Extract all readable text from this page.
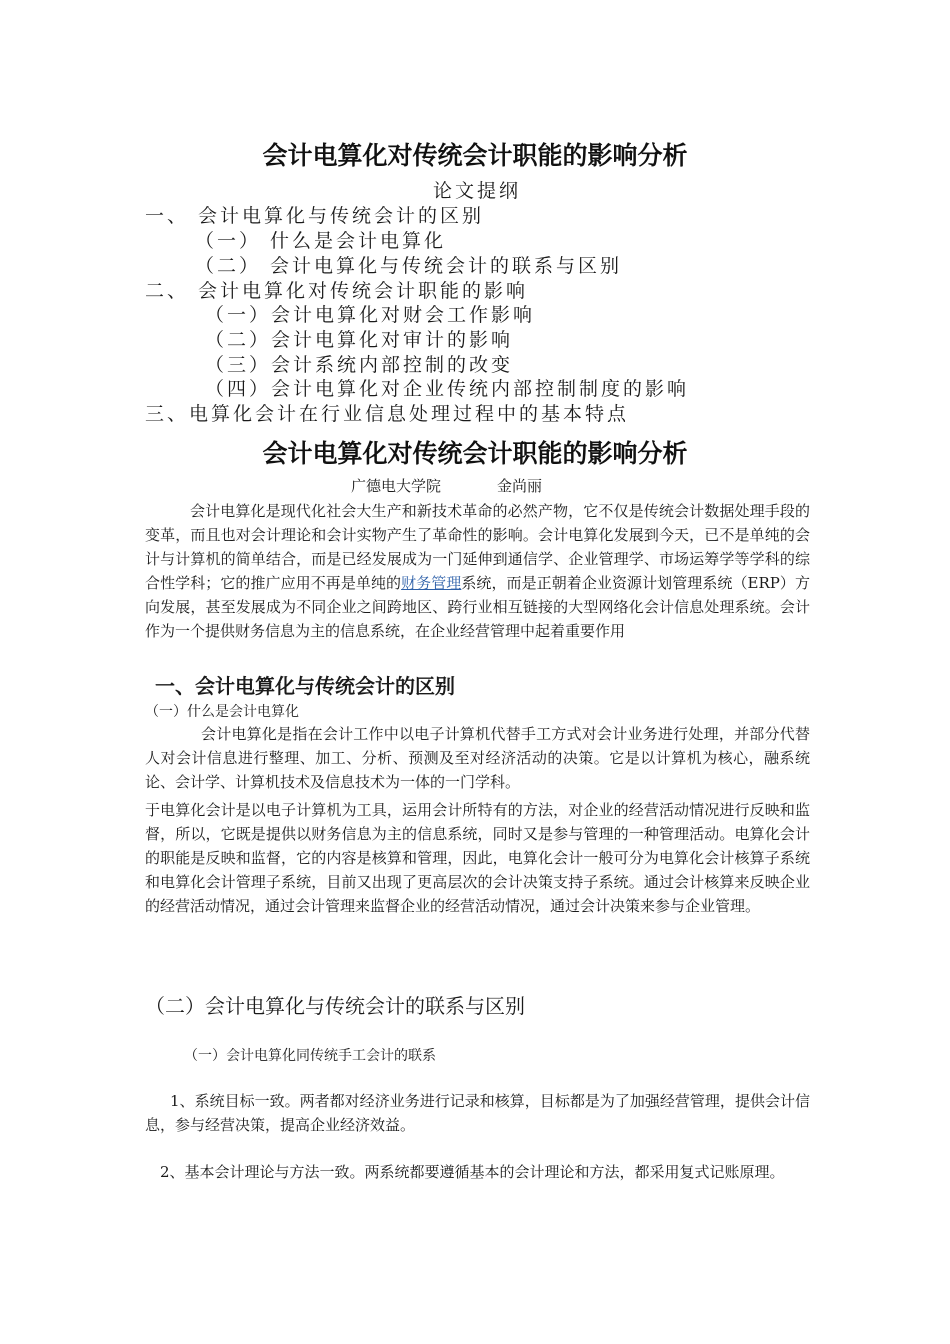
会计电算化对传统会计职能的影响分析
论文提纲
一、 会计电算化与传统会计的区别
（一） 什么是会计电算化
（二） 会计电算化与传统会计的联系与区别
二、 会计电算化对传统会计职能的影响
（一）会计电算化对财会工作影响
（二）会计电算化对审计的影响
（三）会计系统内部控制的改变
（四）会计电算化对企业传统内部控制制度的影响
三、电算化会计在行业信息处理过程中的基本特点
会计电算化对传统会计职能的影响分析
广德电大学院	金尚丽
会计电算化是现代化社会大生产和新技术革命的必然产物，它不仅是传统会计数据处理手段的变革，而且也对会计理论和会计实物产生了革命性的影响。会计电算化发展到今天，已不是单纯的会计与计算机的简单结合，而是已经发展成为一门延伸到通信学、企业管理学、市场运筹学等学科的综合性学科；它的推广应用不再是单纯的财务管理系统，而是正朝着企业资源计划管理系统（ERP）方向发展，甚至发展成为不同企业之间跨地区、跨行业相互链接的大型网络化会计信息处理系统。会计作为一个提供财务信息为主的信息系统，在企业经营管理中起着重要作用
一、会计电算化与传统会计的区别
（一）什么是会计电算化
会计电算化是指在会计工作中以电子计算机代替手工方式对会计业务进行处理，并部分代替人对会计信息进行整理、加工、分析、预测及至对经济活动的决策。它是以计算机为核心，融系统论、会计学、计算机技术及信息技术为一体的一门学科。
于电算化会计是以电子计算机为工具，运用会计所特有的方法，对企业的经营活动情况进行反映和监督，所以，它既是提供以财务信息为主的信息系统，同时又是参与管理的一种管理活动。电算化会计的职能是反映和监督，它的内容是核算和管理，因此，电算化会计一般可分为电算化会计核算子系统和电算化会计管理子系统，目前又出现了更高层次的会计决策支持子系统。通过会计核算来反映企业的经营活动情况，通过会计管理来监督企业的经营活动情况，通过会计决策来参与企业管理。
（二）会计电算化与传统会计的联系与区别
（一）会计电算化同传统手工会计的联系
1、系统目标一致。两者都对经济业务进行记录和核算，目标都是为了加强经营管理，提供会计信息，参与经营决策，提高企业经济效益。
2、基本会计理论与方法一致。两系统都要遵循基本的会计理论和方法，都采用复式记账原理。
